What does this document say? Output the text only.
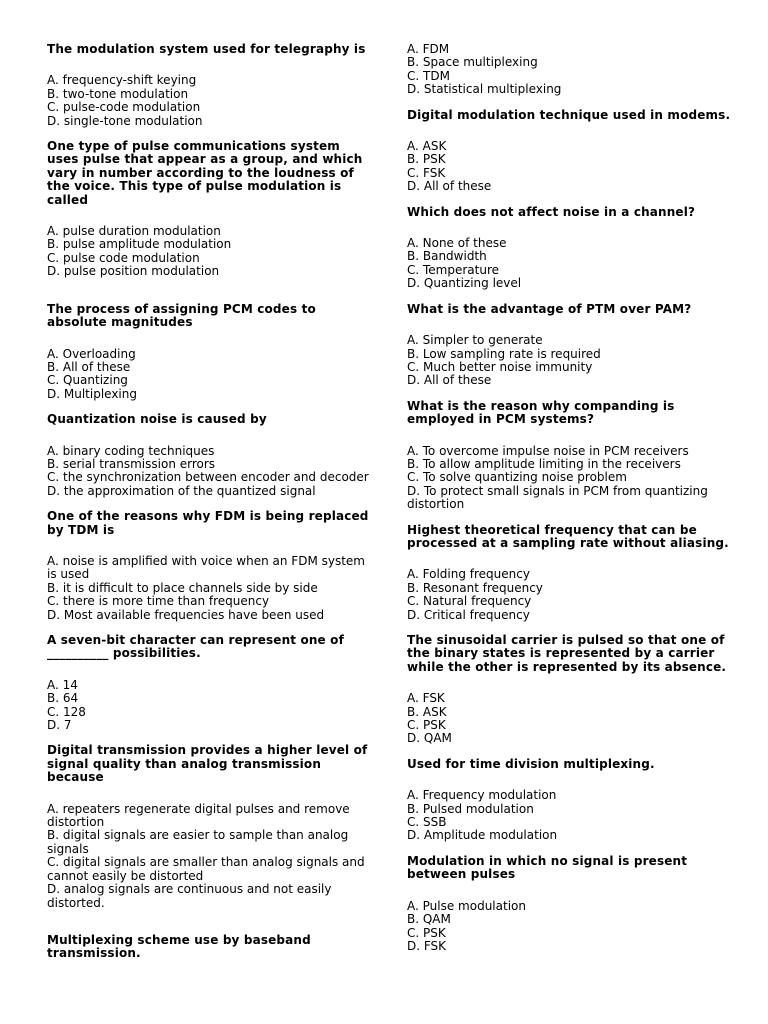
The modulation system used for telegraphy is
A. frequency-shift keying
B. two-tone modulation
C. pulse-code modulation
D. single-tone modulation
One type of pulse communications system uses pulse that appear as a group, and which vary in number according to the loudness of the voice. This type of pulse modulation is called
A. pulse duration modulation
B. pulse amplitude modulation
C. pulse code modulation
D. pulse position modulation
The process of assigning PCM codes to absolute magnitudes
A. Overloading
B. All of these
C. Quantizing
D. Multiplexing
Quantization noise is caused by
A. binary coding techniques
B. serial transmission errors
C. the synchronization between encoder and decoder
D. the approximation of the quantized signal
One of the reasons why FDM is being replaced by TDM is
A. noise is amplified with voice when an FDM system is used
B. it is difficult to place channels side by side
C. there is more time than frequency
D. Most available frequencies have been used
A seven-bit character can represent one of __________ possibilities.
A. 14
B. 64
C. 128
D. 7
Digital transmission provides a higher level of signal quality than analog transmission because
A. repeaters regenerate digital pulses and remove distortion
B. digital signals are easier to sample than analog signals
C. digital signals are smaller than analog signals and cannot easily be distorted
D. analog signals are continuous and not easily distorted.
Multiplexing scheme use by baseband transmission.
A. FDM
B. Space multiplexing
C. TDM
D. Statistical multiplexing
Digital modulation technique used in modems.
A. ASK
B. PSK
C. FSK
D. All of these
Which does not affect noise in a channel?
A. None of these
B. Bandwidth
C. Temperature
D. Quantizing level
What is the advantage of PTM over PAM?
A. Simpler to generate
B. Low sampling rate is required
C. Much better noise immunity
D. All of these
What is the reason why companding is employed in PCM systems?
A. To overcome impulse noise in PCM receivers
B. To allow amplitude limiting in the receivers
C. To solve quantizing noise problem
D. To protect small signals in PCM from quantizing distortion
Highest theoretical frequency that can be processed at a sampling rate without aliasing.
A. Folding frequency
B. Resonant frequency
C. Natural frequency
D. Critical frequency
The sinusoidal carrier is pulsed so that one of the binary states is represented by a carrier while the other is represented by its absence.
A. FSK
B. ASK
C. PSK
D. QAM
Used for time division multiplexing.
A. Frequency modulation
B. Pulsed modulation
C. SSB
D. Amplitude modulation
Modulation in which no signal is present between pulses
A. Pulse modulation
B. QAM
C. PSK
D. FSK
